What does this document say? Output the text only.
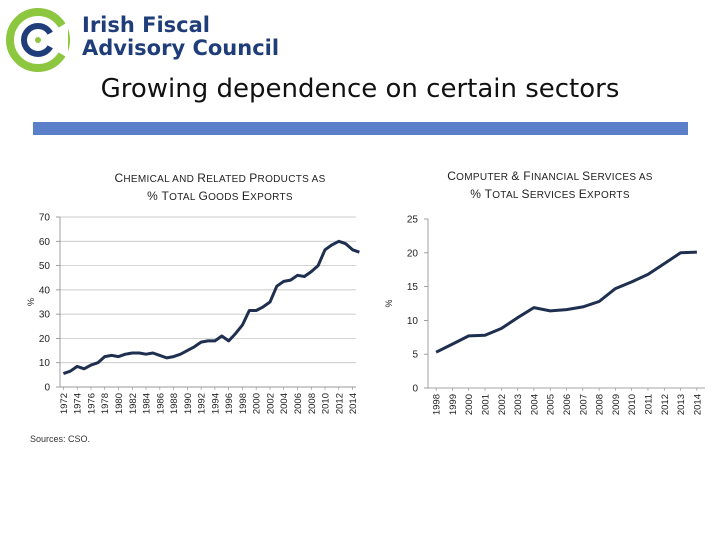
Irish Fiscal
Advisory Council
Growing dependence on certain sectors
CHEMICAL AND RELATED PRODUCTS AS
% TOTAL GOODS EXPORTS
COMPUTER & FINANCIAL SERVICES AS
% TOTAL SERVICES EXPORTS
0
10
20
30
40
50
60
70
1972 1974 1976 1978 1980 1982 1984 1986 1988 1990 1992 1994 1996 1998 2000 2002 2004 2006 2008 2010 2012 2014
%
0
5
10
15
20
25
1998 1999 2000 2001 2002 2003 2004 2005 2006 2007 2008 2009 2010 2011 2012 2013 2014
%
Sources: CSO.
